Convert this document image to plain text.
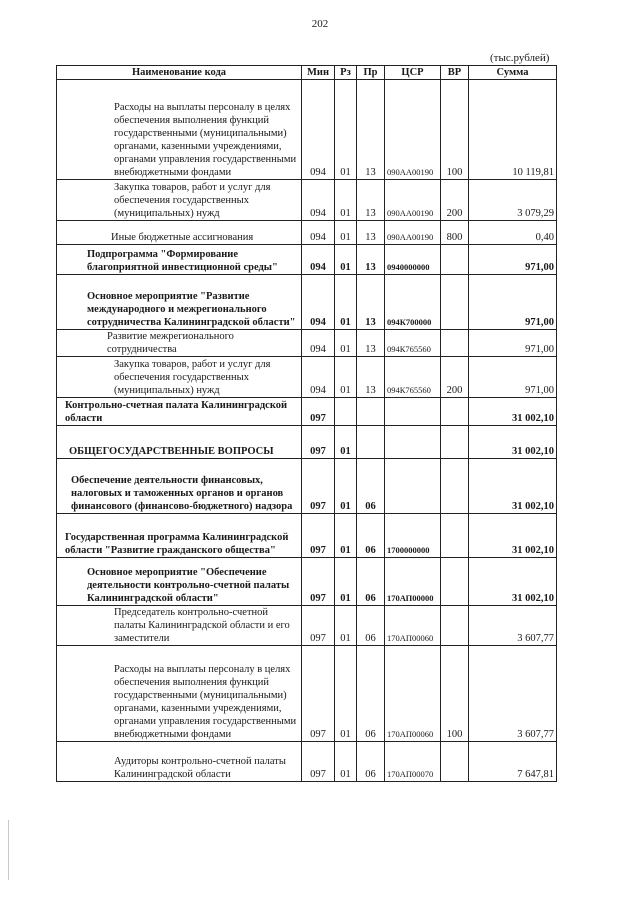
202
(тыс.рублей)
Наименование кода	Мин	Рз	Пр	ЦСР	ВР	Сумма

Расходы на выплаты персоналу в целях обеспечения выполнения функций государственными (муниципальными) органами, казенными учреждениями, органами управления государственными внебюджетными фондами	094	01	13	090АА00190	100	10 119,81

Закупка товаров, работ и услуг для обеспечения государственных (муниципальных) нужд	094	01	13	090АА00190	200	3 079,29
Иные бюджетные ассигнования	094	01	13	090АА00190	800	0,40

Подпрограмма "Формирование благоприятной инвестиционной среды"	094	01	13	0940000000		971,00

Основное мероприятие "Развитие международного и межрегионального сотрудничества Калининградской области"	094	01	13	094К700000		971,00

Развитие межрегионального сотрудничества	094	01	13	094К765560		971,00

Закупка товаров, работ и услуг для обеспечения государственных (муниципальных) нужд	094	01	13	094К765560	200	971,00

Контрольно-счетная палата Калининградской области	097					31 002,10

ОБЩЕГОСУДАРСТВЕННЫЕ ВОПРОСЫ	097	01				31 002,10

Обеспечение деятельности финансовых, налоговых и таможенных органов и органов финансового (финансово-бюджетного) надзора	097	01	06			31 002,10

Государственная программа Калининградской области "Развитие гражданского общества"	097	01	06	1700000000		31 002,10

Основное мероприятие "Обеспечение деятельности контрольно-счетной палаты Калининградской области"	097	01	06	170АП00000		31 002,10

Председатель контрольно-счетной палаты Калининградской области и его заместители	097	01	06	170АП00060		3 607,77

Расходы на выплаты персоналу в целях обеспечения выполнения функций государственными (муниципальными) органами, казенными учреждениями, органами управления государственными внебюджетными фондами	097	01	06	170АП00060	100	3 607,77

Аудиторы контрольно-счетной палаты Калининградской области	097	01	06	170АП00070		7 647,81
